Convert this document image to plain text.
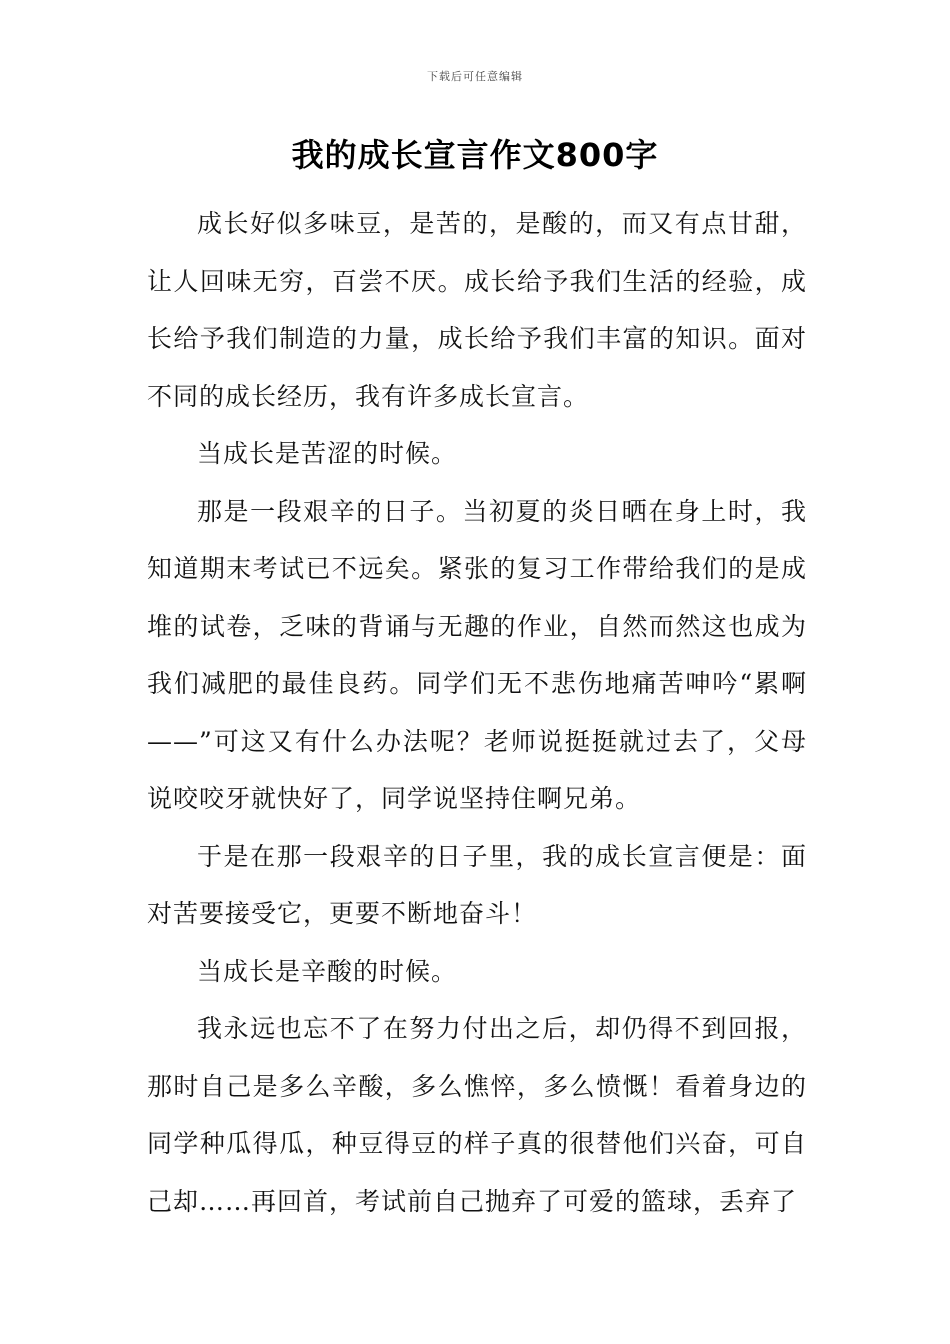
下载后可任意编辑
我的成长宣言作文800字

成长好似多味豆，是苦的，是酸的，而又有点甘甜，让人回味无穷，百尝不厌。成长给予我们生活的经验，成长给予我们制造的力量，成长给予我们丰富的知识。面对不同的成长经历，我有许多成长宣言。

当成长是苦涩的时候。

那是一段艰辛的日子。当初夏的炎日晒在身上时，我知道期末考试已不远矣。紧张的复习工作带给我们的是成堆的试卷，乏味的背诵与无趣的作业，自然而然这也成为我们减肥的最佳良药。同学们无不悲伤地痛苦呻吟“累啊——”可这又有什么办法呢？老师说挺挺就过去了，父母说咬咬牙就快好了，同学说坚持住啊兄弟。

于是在那一段艰辛的日子里，我的成长宣言便是：面对苦要接受它，更要不断地奋斗！

当成长是辛酸的时候。

我永远也忘不了在努力付出之后，却仍得不到回报，那时自己是多么辛酸，多么憔悴，多么愤慨！看着身边的同学种瓜得瓜，种豆得豆的样子真的很替他们兴奋，可自己却……再回首，考试前自己抛弃了可爱的篮球，丢弃了
